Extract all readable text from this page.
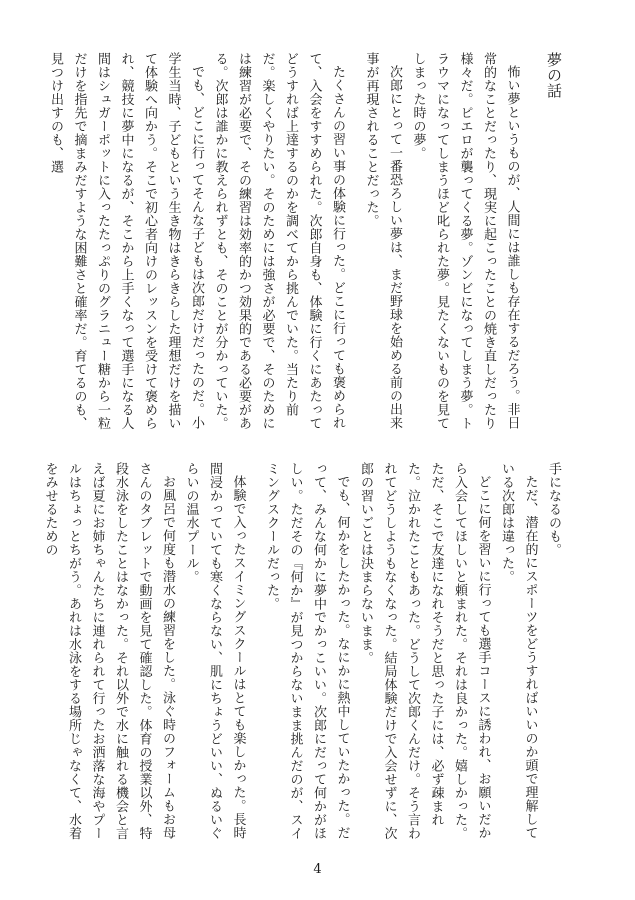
夢の話

怖い夢というものが、人間には誰しも存在するだろう。非日常的なことだったり、現実に起こったことの焼き直しだったり様々だ。ピエロが襲ってくる夢。ゾンビになってしまう夢。トラウマになってしまうほど叱られた夢。見たくないものを見てしまった時の夢。

次郎にとって一番恐ろしい夢は、まだ野球を始める前の出来事が再現されることだった。

たくさんの習い事の体験に行った。どこに行っても褒められて、入会をすすめられた。次郎自身も、体験に行くにあたってどうすれば上達するのかを調べてから挑んでいた。当たり前だ。楽しくやりたい。そのためには強さが必要で、そのためには練習が必要で、その練習は効率的かつ効果的である必要がある。次郎は誰かに教えられずとも、そのことが分かっていた。

でも、どこに行ってそんな子どもは次郎だけだったのだ。小学生当時、子どもという生き物はきらきらした理想だけを描いて体験へ向かう。そこで初心者向けのレッスンを受けて褒められ、競技に夢中になるが、そこから上手くなって選手になる人間はシュガーポットに入ったたっぷりのグラニュー糖から一粒だけを指先で摘まみだすような困難さと確率だ。育てるのも、見つけ出すのも、選

手になるのも。

ただ、潜在的にスポーツをどうすればいいのか頭で理解している次郎は違った。

どこに何を習いに行っても選手コースに誘われ、お願いだから入会してほしいと頼まれた。それは良かった。嬉しかった。ただ、そこで友達になれそうだと思った子には、必ず疎まれた。泣かれたこともあった。どうして次郎くんだけ。そう言われてどうしようもなくなった。結局体験だけで入会せずに、次郎の習いごとは決まらないまま。

でも、何かをしたかった。なにかに熱中していたかった。だって、みんな何かに夢中でかっこいい。次郎にだって何かがほしい。ただその『何か』が見つからないまま挑んだのが、スイミングスクールだった。

体験で入ったスイミングスクールはとても楽しかった。長時間浸かっていても寒くならない、肌にちょうどいい、ぬるいぐらいの温水プール。

お風呂で何度も潜水の練習をした。泳ぐ時のフォームもお母さんのタブレットで動画を見て確認した。体育の授業以外、特段水泳をしたことはなかった。それ以外で水に触れる機会と言えば夏にお姉ちゃんたちに連れられて行ったお洒落な海やプールはちょっとちがう。あれは水泳をする場所じゃなくて、水着をみせるための

4
